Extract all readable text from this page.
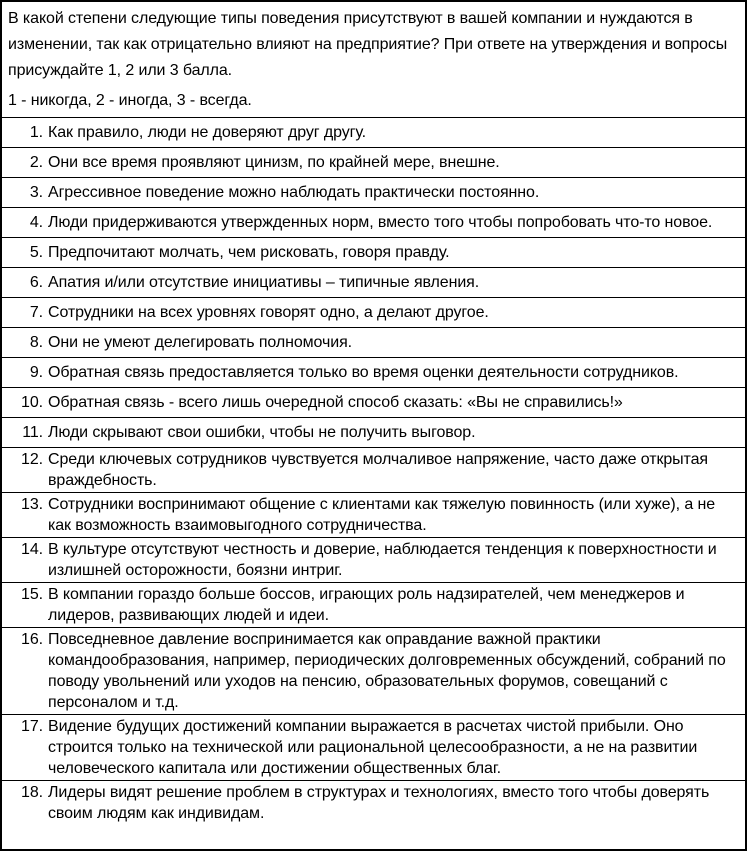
В какой степени следующие типы поведения присутствуют в вашей компании и нуждаются в изменении, так как отрицательно влияют на предприятие? При ответе на утверждения и вопросы присуждайте 1, 2 или 3 балла.

1 - никогда, 2 - иногда, 3 - всегда.

1. Как правило, люди не доверяют друг другу.
2. Они все время проявляют цинизм, по крайней мере, внешне.
3. Агрессивное поведение можно наблюдать практически постоянно.
4. Люди придерживаются утвержденных норм, вместо того чтобы попробовать что-то новое.
5. Предпочитают молчать, чем рисковать, говоря правду.
6. Апатия и/или отсутствие инициативы – типичные явления.
7. Сотрудники на всех уровнях говорят одно, а делают другое.
8. Они не умеют делегировать полномочия.
9. Обратная связь предоставляется только во время оценки деятельности сотрудников.
10. Обратная связь - всего лишь очередной способ сказать: «Вы не справились!»
11. Люди скрывают свои ошибки, чтобы не получить выговор.
12. Среди ключевых сотрудников чувствуется молчаливое напряжение, часто даже открытая враждебность.
13. Сотрудники воспринимают общение с клиентами как тяжелую повинность (или хуже), а не как возможность взаимовыгодного сотрудничества.
14. В культуре отсутствуют честность и доверие, наблюдается тенденция к поверхностности и излишней осторожности, боязни интриг.
15. В компании гораздо больше боссов, играющих роль надзирателей, чем менеджеров и лидеров, развивающих людей и идеи.
16. Повседневное давление воспринимается как оправдание важной практики командообразования, например, периодических долговременных обсуждений, собраний по поводу увольнений или уходов на пенсию, образовательных форумов, совещаний с персоналом и т.д.
17. Видение будущих достижений компании выражается в расчетах чистой прибыли. Оно строится только на технической или рациональной целесообразности, а не на развитии человеческого капитала или достижении общественных благ.
18. Лидеры видят решение проблем в структурах и технологиях, вместо того чтобы доверять своим людям как индивидам.
